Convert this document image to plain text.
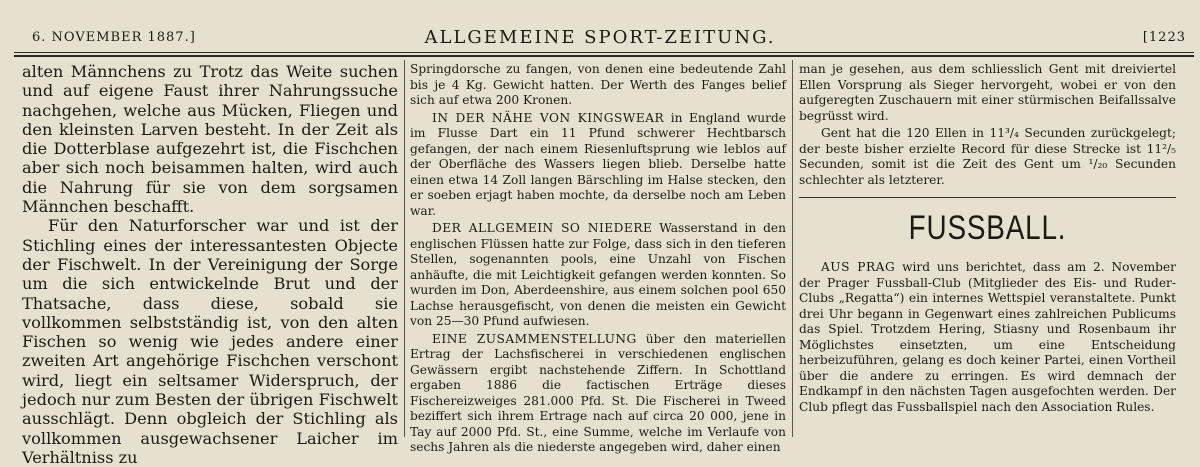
6. NOVEMBER 1887.]	ALLGEMEINE SPORT-ZEITUNG.	[1223

alten Männchens zu Trotz das Weite suchen und auf eigene Faust ihrer Nahrungssuche nachgehen, welche aus Mücken, Fliegen und den kleinsten Larven besteht. In der Zeit als die Dotterblase aufgezehrt ist, die Fischchen aber sich noch beisammen halten, wird auch die Nahrung für sie von dem sorgsamen Männchen beschafft.

Für den Naturforscher war und ist der Stichling eines der interessantesten Objecte der Fischwelt. In der Vereinigung der Sorge um die sich entwickelnde Brut und der Thatsache, dass diese, sobald sie vollkommen selbstständig ist, von den alten Fischen so wenig wie jedes andere einer zweiten Art angehörige Fischchen verschont wird, liegt ein seltsamer Widerspruch, der jedoch nur zum Besten der übrigen Fischwelt ausschlägt. Denn obgleich der Stichling als vollkommen ausgewachsener Laicher im Verhältniss zu

Springdorsche zu fangen, von denen eine bedeutende Zahl bis je 4 Kg. Gewicht hatten. Der Werth des Fanges belief sich auf etwa 200 Kronen.

IN DER NÄHE VON KINGSWEAR in England wurde im Flusse Dart ein 11 Pfund schwerer Hechtbarsch gefangen, der nach einem Riesenluftsprung wie leblos auf der Oberfläche des Wassers liegen blieb. Derselbe hatte einen etwa 14 Zoll langen Bärschling im Halse stecken, den er soeben erjagt haben mochte, da derselbe noch am Leben war.

DER ALLGEMEIN SO NIEDERE Wasserstand in den englischen Flüssen hatte zur Folge, dass sich in den tieferen Stellen, sogenannten pools, eine Unzahl von Fischen anhäufte, die mit Leichtigkeit gefangen werden konnten. So wurden im Don, Aberdeenshire, aus einem solchen pool 650 Lachse herausgefischt, von denen die meisten ein Gewicht von 25—30 Pfund aufwiesen.

EINE ZUSAMMENSTELLUNG über den materiellen Ertrag der Lachsfischerei in verschiedenen englischen Gewässern ergibt nachstehende Ziffern. In Schottland ergaben 1886 die factischen Erträge dieses Fischereizweiges 281.000 Pfd. St. Die Fischerei in Tweed beziffert sich ihrem Ertrage nach auf circa 20 000, jene in Tay auf 2000 Pfd. St., eine Summe, welche im Verlaufe von sechs Jahren als die niederste angegeben wird, daher einen

man je gesehen, aus dem schliesslich Gent mit dreiviertel Ellen Vorsprung als Sieger hervorgeht, wobei er von den aufgeregten Zuschauern mit einer stürmischen Beifallssalve begrüsst wird.

Gent hat die 120 Ellen in 11³/₄ Secunden zurückgelegt; der beste bisher erzielte Record für diese Strecke ist 11²/₅ Secunden, somit ist die Zeit des Gent um ¹/₂₀ Secunden schlechter als letzterer.

FUSSBALL.

AUS PRAG wird uns berichtet, dass am 2. November der Prager Fussball-Club (Mitglieder des Eis- und Ruder-Clubs „Regatta“) ein internes Wettspiel veranstaltete. Punkt drei Uhr begann in Gegenwart eines zahlreichen Publicums das Spiel. Trotzdem Hering, Stiasny und Rosenbaum ihr Möglichstes einsetzten, um eine Entscheidung herbeizuführen, gelang es doch keiner Partei, einen Vortheil über die andere zu erringen. Es wird demnach der Endkampf in den nächsten Tagen ausgefochten werden. Der Club pflegt das Fussballspiel nach den Association Rules.
